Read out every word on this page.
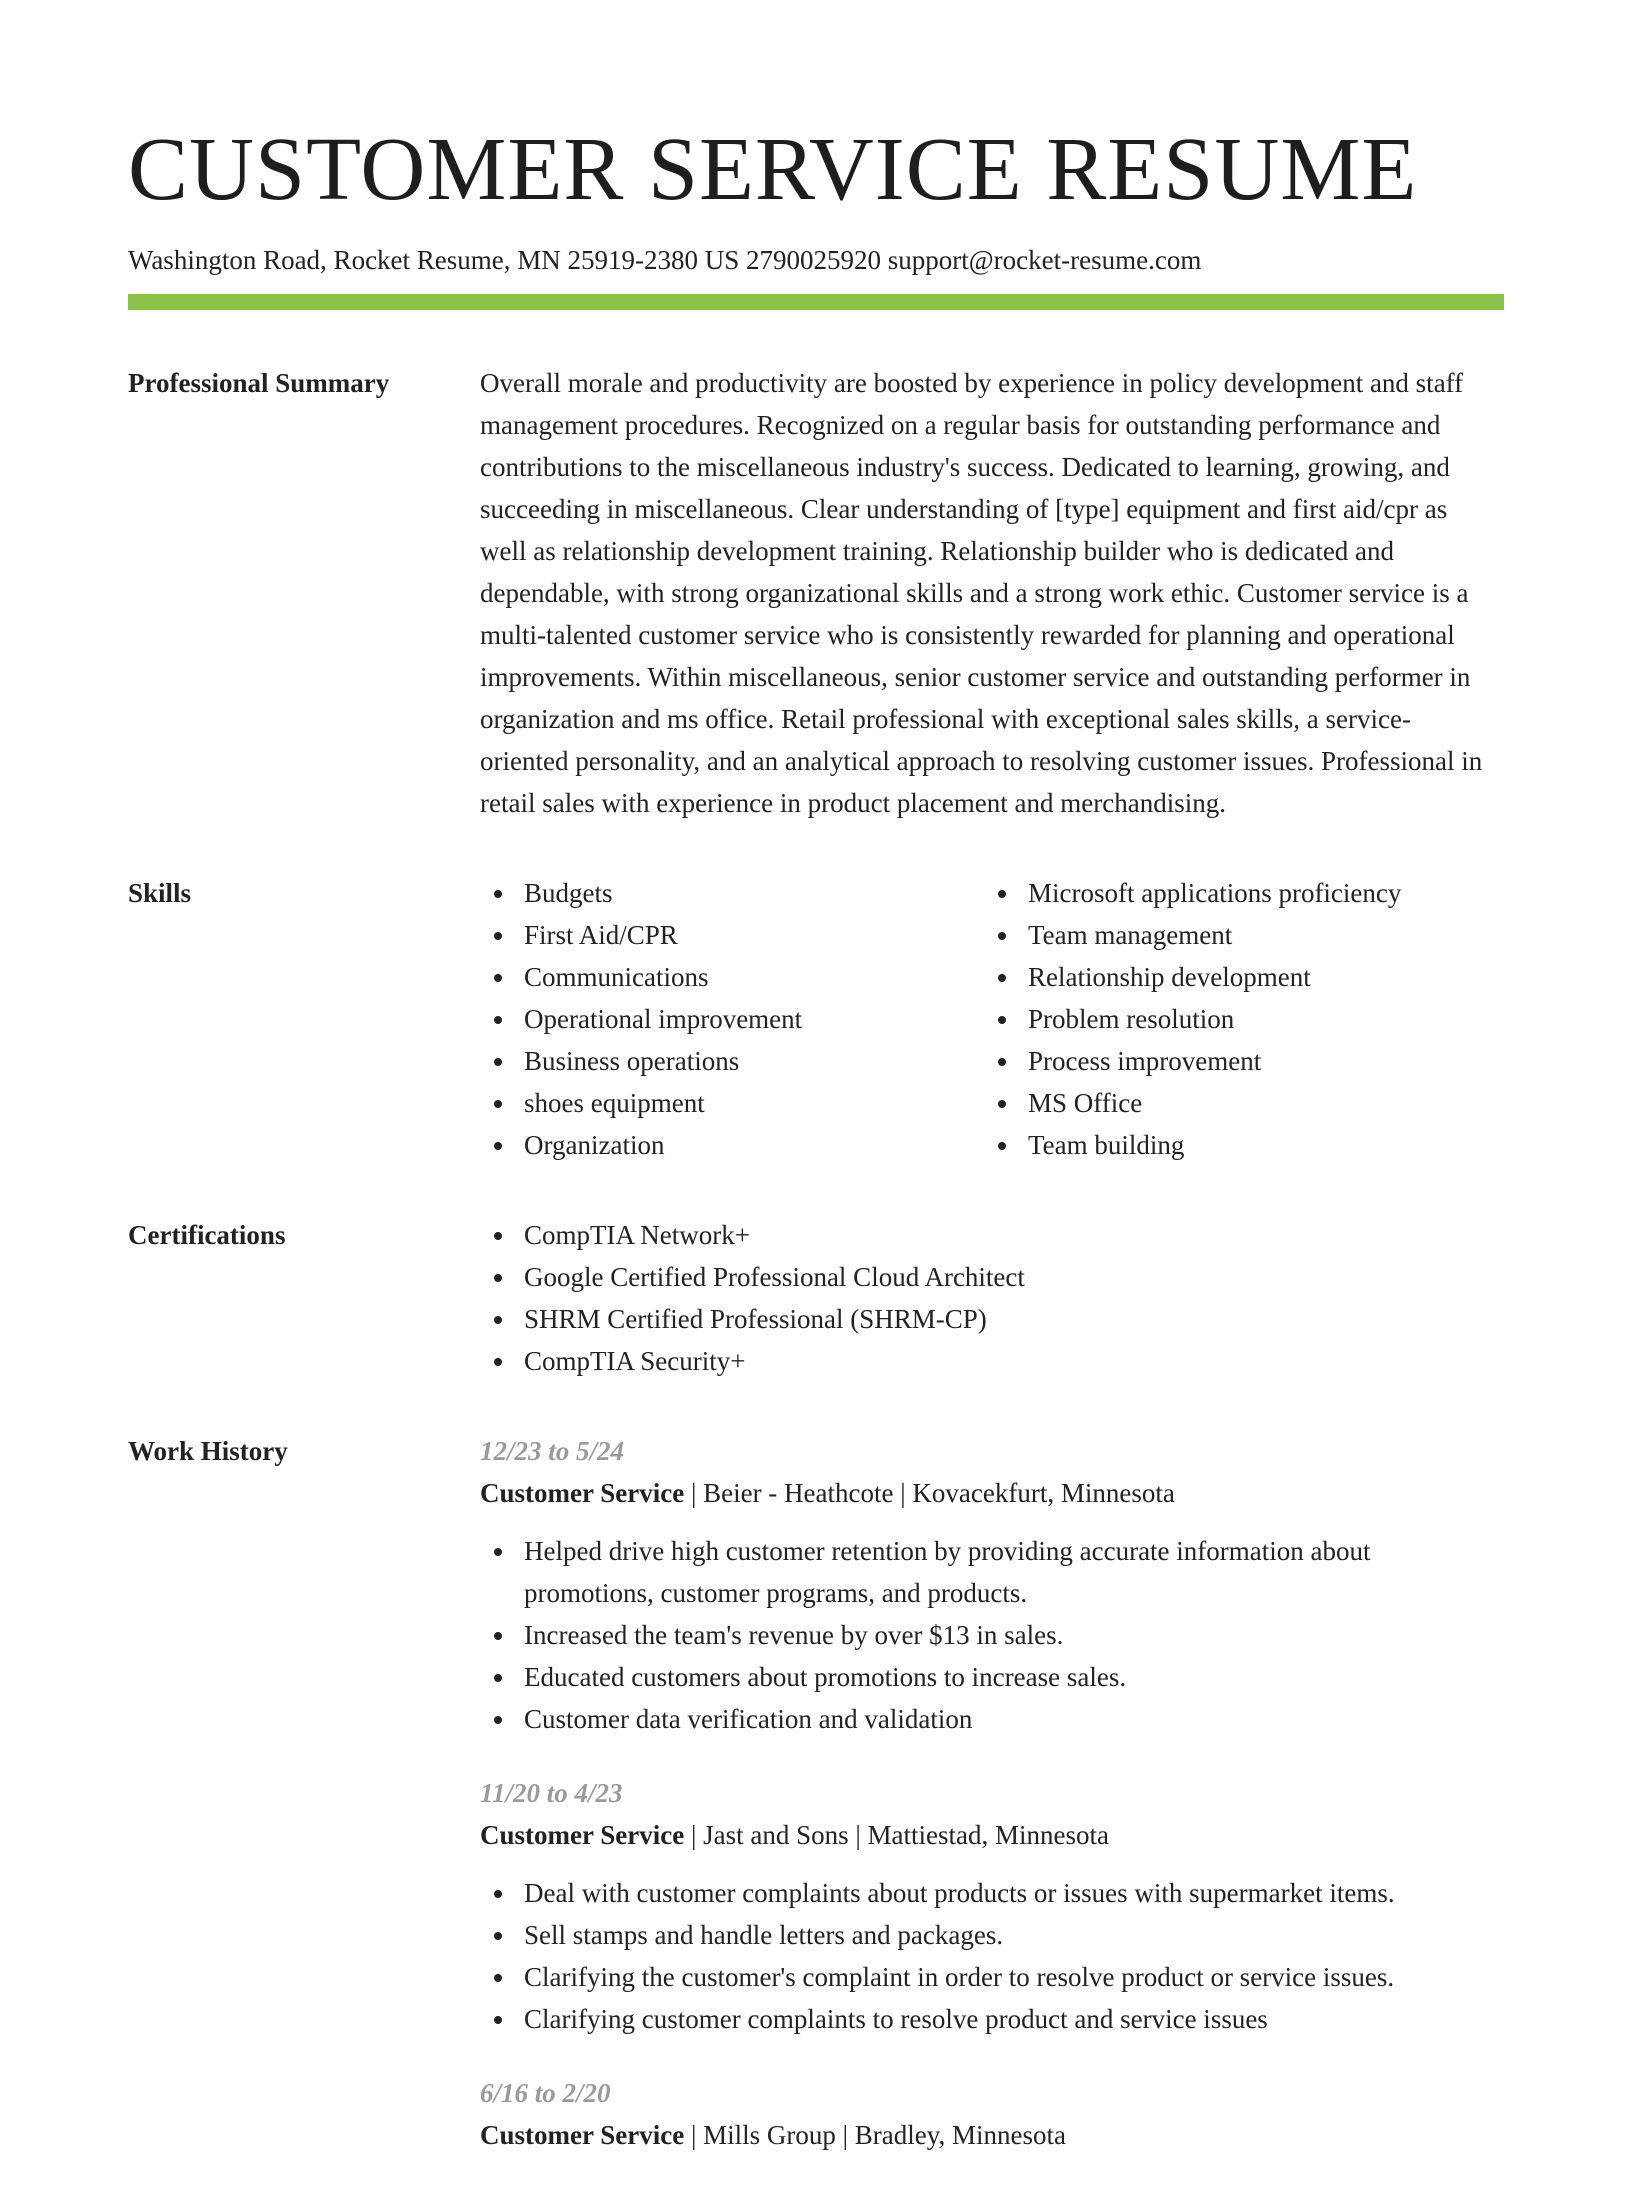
CUSTOMER SERVICE RESUME
Washington Road, Rocket Resume, MN 25919-2380 US 2790025920 support@rocket-resume.com
Professional Summary	Overall morale and productivity are boosted by experience in policy development and staff management procedures. Recognized on a regular basis for outstanding performance and contributions to the miscellaneous industry's success. Dedicated to learning, growing, and succeeding in miscellaneous. Clear understanding of [type] equipment and first aid/cpr as well as relationship development training. Relationship builder who is dedicated and dependable, with strong organizational skills and a strong work ethic. Customer service is a multi-talented customer service who is consistently rewarded for planning and operational improvements. Within miscellaneous, senior customer service and outstanding performer in organization and ms office. Retail professional with exceptional sales skills, a service-oriented personality, and an analytical approach to resolving customer issues. Professional in retail sales with experience in product placement and merchandising.

Skills	Budgets
First Aid/CPR
Communications
Operational improvement
Business operations
shoes equipment
Organization
Microsoft applications proficiency
Team management
Relationship development
Problem resolution
Process improvement
MS Office
Team building
Certifications	CompTIA Network+
Google Certified Professional Cloud Architect
SHRM Certified Professional (SHRM-CP)
CompTIA Security+
Work History	12/23 to 5/24
Customer Service | Beier - Heathcote | Kovacekfurt, Minnesota
Helped drive high customer retention by providing accurate information about promotions, customer programs, and products.
Increased the team's revenue by over $13 in sales.
Educated customers about promotions to increase sales.
Customer data verification and validation
11/20 to 4/23
Customer Service | Jast and Sons | Mattiestad, Minnesota
Deal with customer complaints about products or issues with supermarket items.
Sell stamps and handle letters and packages.
Clarifying the customer's complaint in order to resolve product or service issues.
Clarifying customer complaints to resolve product and service issues
6/16 to 2/20
Customer Service | Mills Group | Bradley, Minnesota
